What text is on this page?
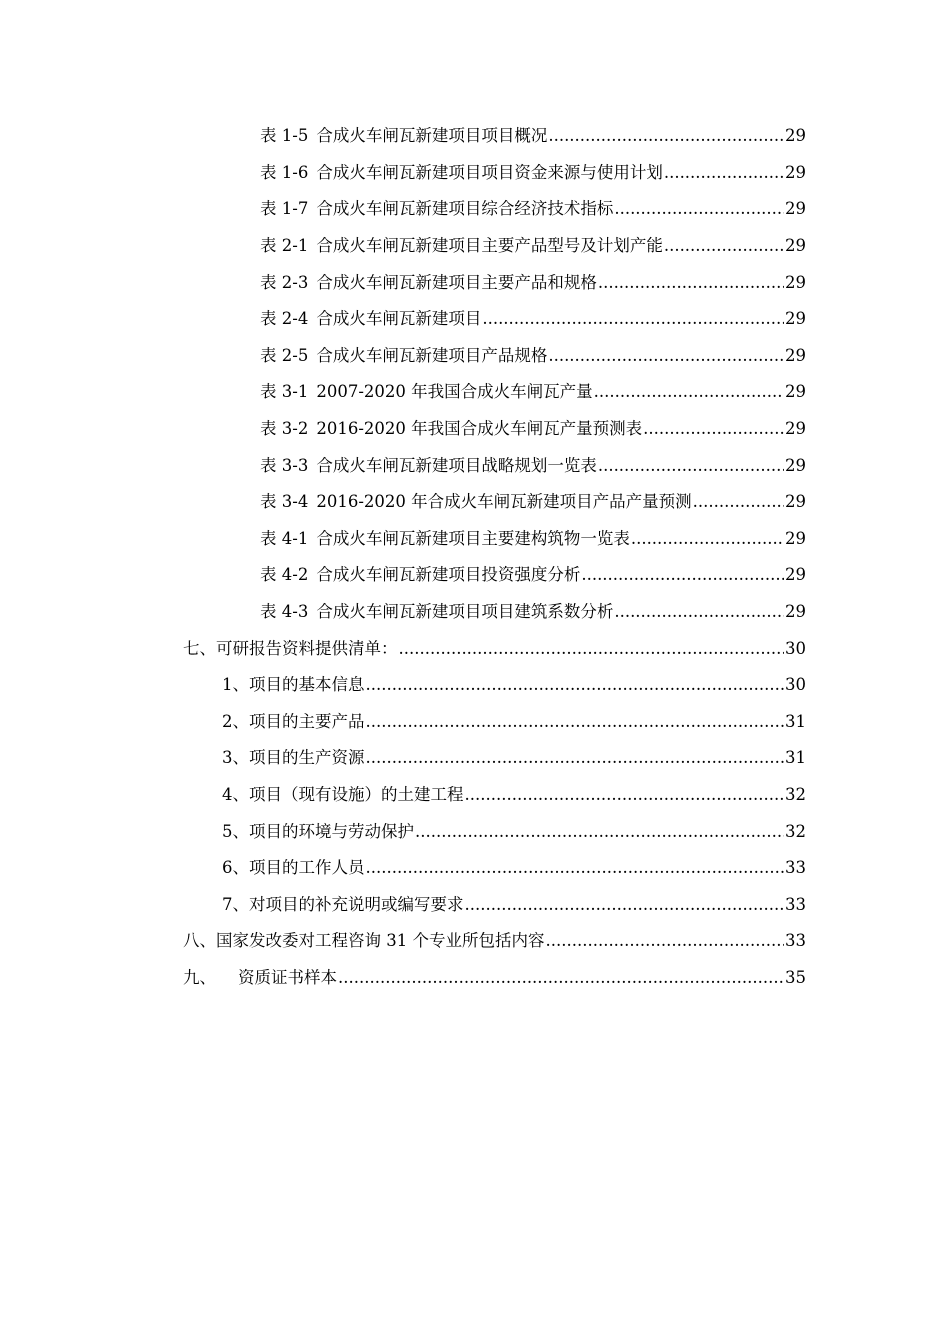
表 1-5 合成火车闸瓦新建项目项目概况 .....	29
表 1-6 合成火车闸瓦新建项目项目资金来源与使用计划 .....	29
表 1-7 合成火车闸瓦新建项目综合经济技术指标 .....	29
表 2-1 合成火车闸瓦新建项目主要产品型号及计划产能 .....	29
表 2-3 合成火车闸瓦新建项目主要产品和规格 .....	29
表 2-4 合成火车闸瓦新建项目 .....	29
表 2-5 合成火车闸瓦新建项目产品规格 .....	29
表 3-1 2007-2020 年我国合成火车闸瓦产量 .....	29
表 3-2 2016-2020 年我国合成火车闸瓦产量预测表 .....	29
表 3-3 合成火车闸瓦新建项目战略规划一览表 .....	29
表 3-4 2016-2020 年合成火车闸瓦新建项目产品产量预测 .....	29
表 4-1 合成火车闸瓦新建项目主要建构筑物一览表 .....	29
表 4-2 合成火车闸瓦新建项目投资强度分析 .....	29
表 4-3 合成火车闸瓦新建项目项目建筑系数分析 .....	29
七、可研报告资料提供清单： .....	30
1、项目的基本信息 .....	30
2、项目的主要产品 .....	31
3、项目的生产资源 .....	31
4、项目（现有设施）的土建工程 .....	32
5、项目的环境与劳动保护 .....	32
6、项目的工作人员 .....	33
7、对项目的补充说明或编写要求 .....	33
八、国家发改委对工程咨询 31 个专业所包括内容 .....	33
九、 资质证书样本 .....	35
